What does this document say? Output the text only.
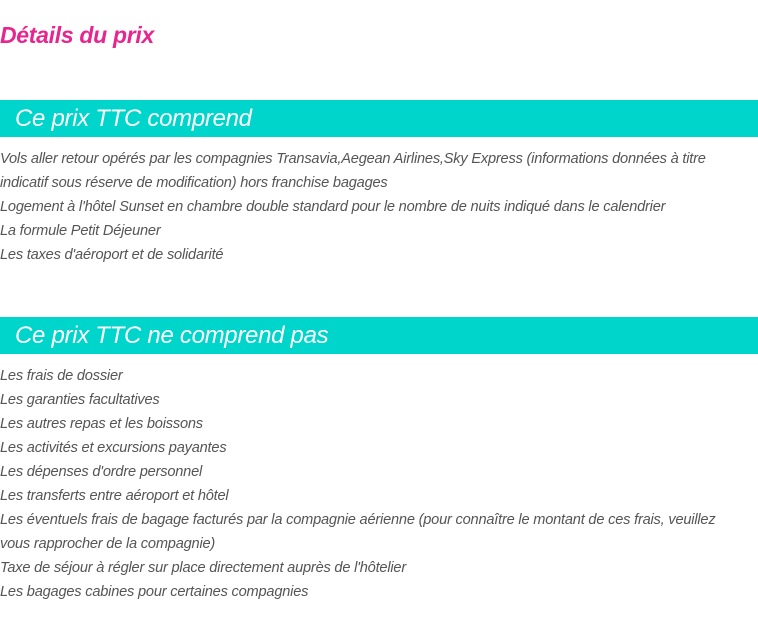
Détails du prix
Ce prix TTC comprend
Vols aller retour opérés par les compagnies Transavia,Aegean Airlines,Sky Express (informations données à titre indicatif sous réserve de modification) hors franchise bagages
Logement à l'hôtel Sunset en chambre double standard pour le nombre de nuits indiqué dans le calendrier
La formule Petit Déjeuner
Les taxes d'aéroport et de solidarité
Ce prix TTC ne comprend pas
Les frais de dossier
Les garanties facultatives
Les autres repas et les boissons
Les activités et excursions payantes
Les dépenses d'ordre personnel
Les transferts entre aéroport et hôtel
Les éventuels frais de bagage facturés par la compagnie aérienne (pour connaître le montant de ces frais, veuillez vous rapprocher de la compagnie)
Taxe de séjour à régler sur place directement auprès de l'hôtelier
Les bagages cabines pour certaines compagnies
